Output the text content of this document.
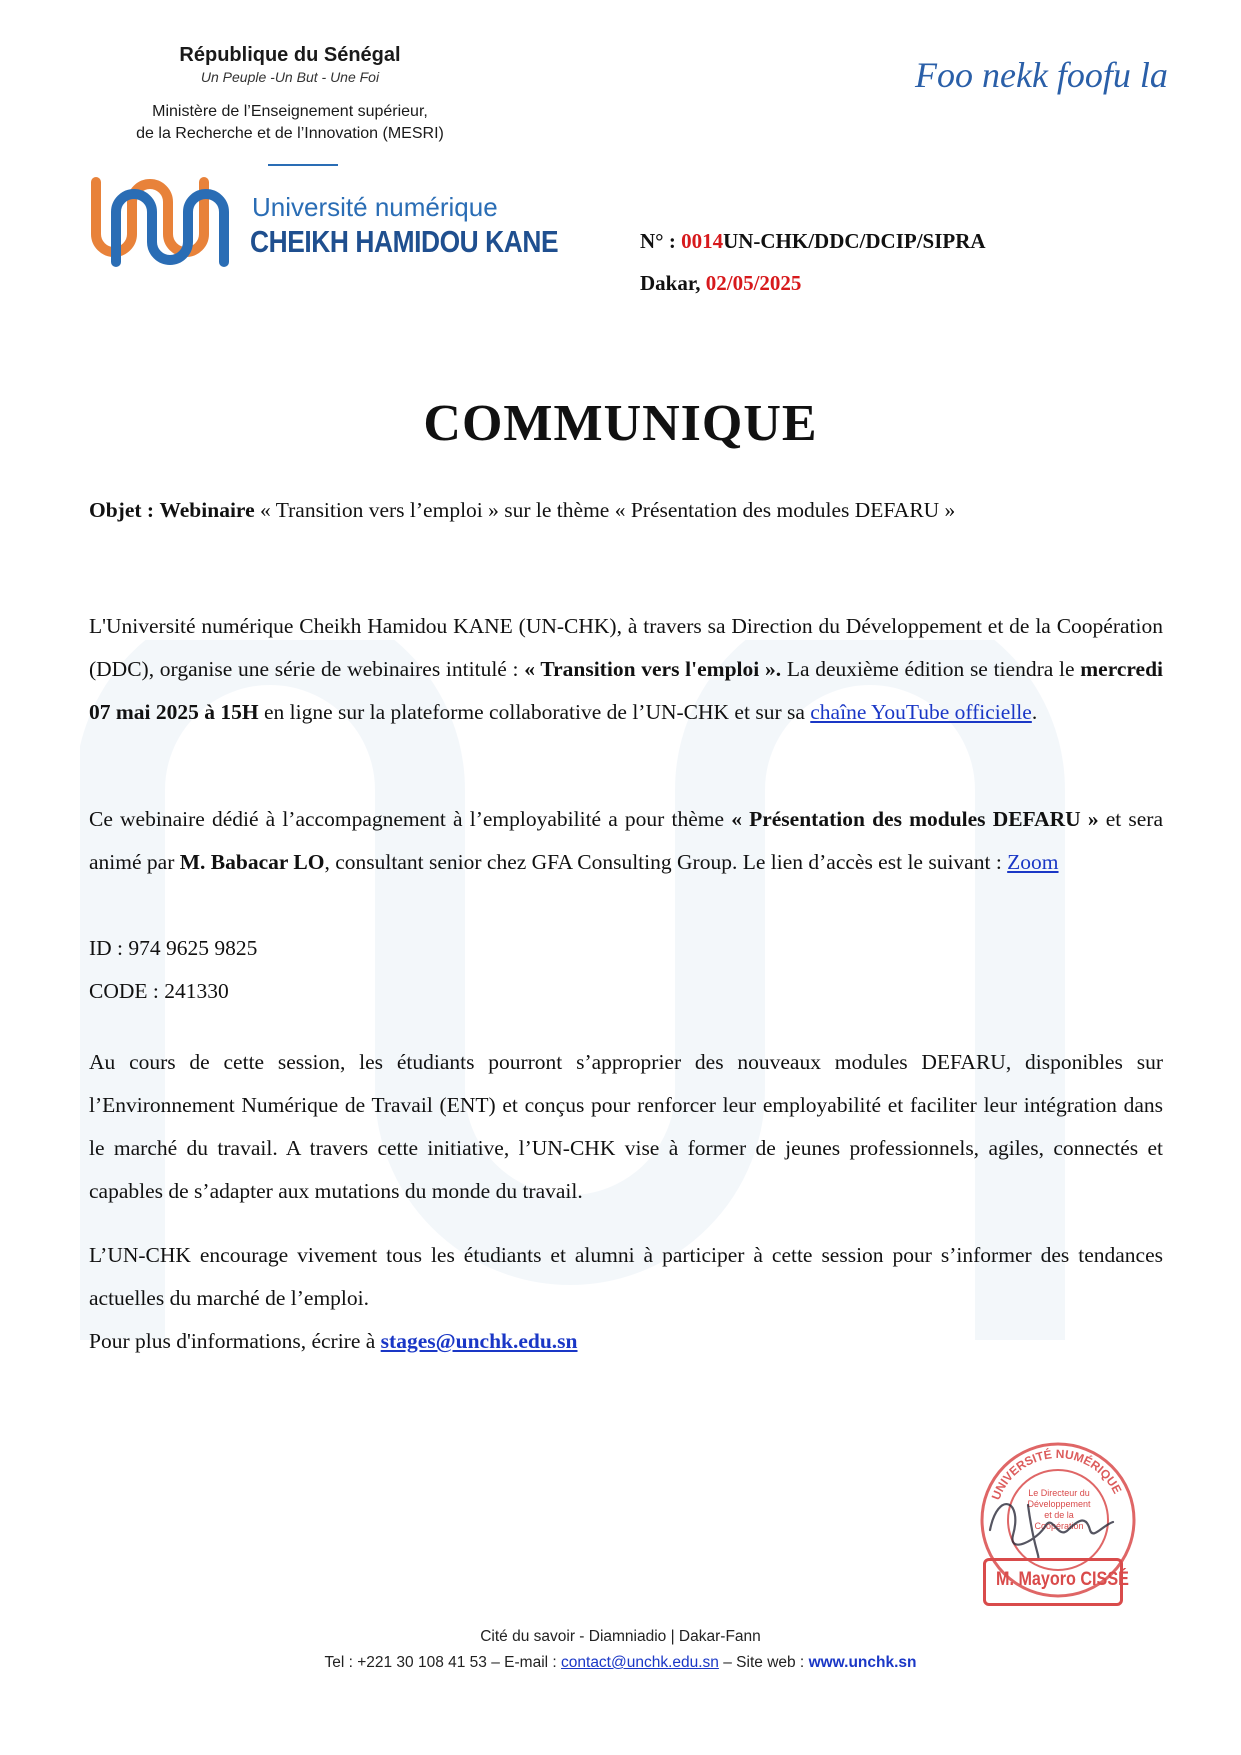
République du Sénégal
Un Peuple -Un But - Une Foi
Ministère de l’Enseignement supérieur,
de la Recherche et de l’Innovation (MESRI)
Université numérique
CHEIKH HAMIDOU KANE
Foo nekk foofu la
N° : 0014UN-CHK/DDC/DCIP/SIPRA
Dakar, 02/05/2025
COMMUNIQUE
Objet : Webinaire « Transition vers l’emploi » sur le thème « Présentation des modules DEFARU »
L'Université numérique Cheikh Hamidou KANE (UN-CHK), à travers sa Direction du Développement et de la Coopération (DDC), organise une série de webinaires intitulé : « Transition vers l'emploi ». La deuxième édition se tiendra le mercredi 07 mai 2025 à 15H en ligne sur la plateforme collaborative de l’UN-CHK et sur sa chaîne YouTube officielle.
Ce webinaire dédié à l’accompagnement à l’employabilité a pour thème « Présentation des modules DEFARU » et sera animé par M. Babacar LO, consultant senior chez GFA Consulting Group. Le lien d’accès est le suivant : Zoom
ID : 974 9625 9825
CODE : 241330
Au cours de cette session, les étudiants pourront s’approprier des nouveaux modules DEFARU, disponibles sur l’Environnement Numérique de Travail (ENT) et conçus pour renforcer leur employabilité et faciliter leur intégration dans le marché du travail. A travers cette initiative, l’UN-CHK vise à former de jeunes professionnels, agiles, connectés et capables de s’adapter aux mutations du monde du travail.
L’UN-CHK encourage vivement tous les étudiants et alumni à participer à cette session pour s’informer des tendances actuelles du marché de l’emploi.
Pour plus d'informations, écrire à stages@unchk.edu.sn
UNIVERSITÉ NUMÉRIQUE
Le Directeur du Développement et de la Coopération
M. Mayoro CISSÉ
Cité du savoir - Diamniadio | Dakar-Fann
Tel : +221 30 108 41 53 – E-mail : contact@unchk.edu.sn – Site web : www.unchk.sn
